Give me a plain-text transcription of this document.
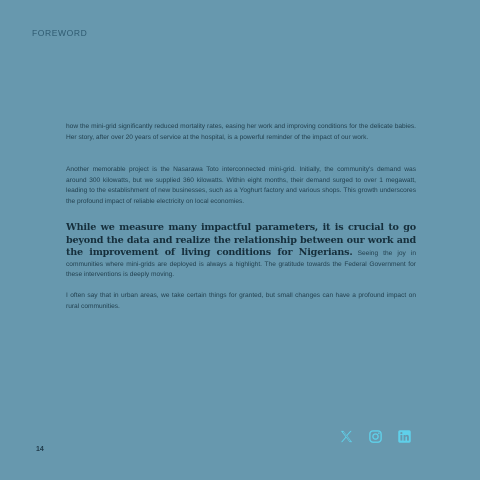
FOREWORD

how the mini-grid significantly reduced mortality rates, easing her work and improving conditions for the delicate babies. Her story, after over 20 years of service at the hospital, is a powerful reminder of the impact of our work.

Another memorable project is the Nasarawa Toto interconnected mini-grid. Initially, the community's demand was around 300 kilowatts, but we supplied 360 kilowatts. Within eight months, their demand surged to over 1 megawatt, leading to the establishment of new businesses, such as a Yoghurt factory and various shops. This growth underscores the profound impact of reliable electricity on local economies.

While we measure many impactful parameters, it is crucial to go beyond the data and realize the relationship between our work and the improvement of living conditions for Nigerians. Seeing the joy in communities where mini-grids are deployed is always a highlight. The gratitude towards the Federal Government for these interventions is deeply moving.

I often say that in urban areas, we take certain things for granted, but small changes can have a profound impact on rural communities.

14
